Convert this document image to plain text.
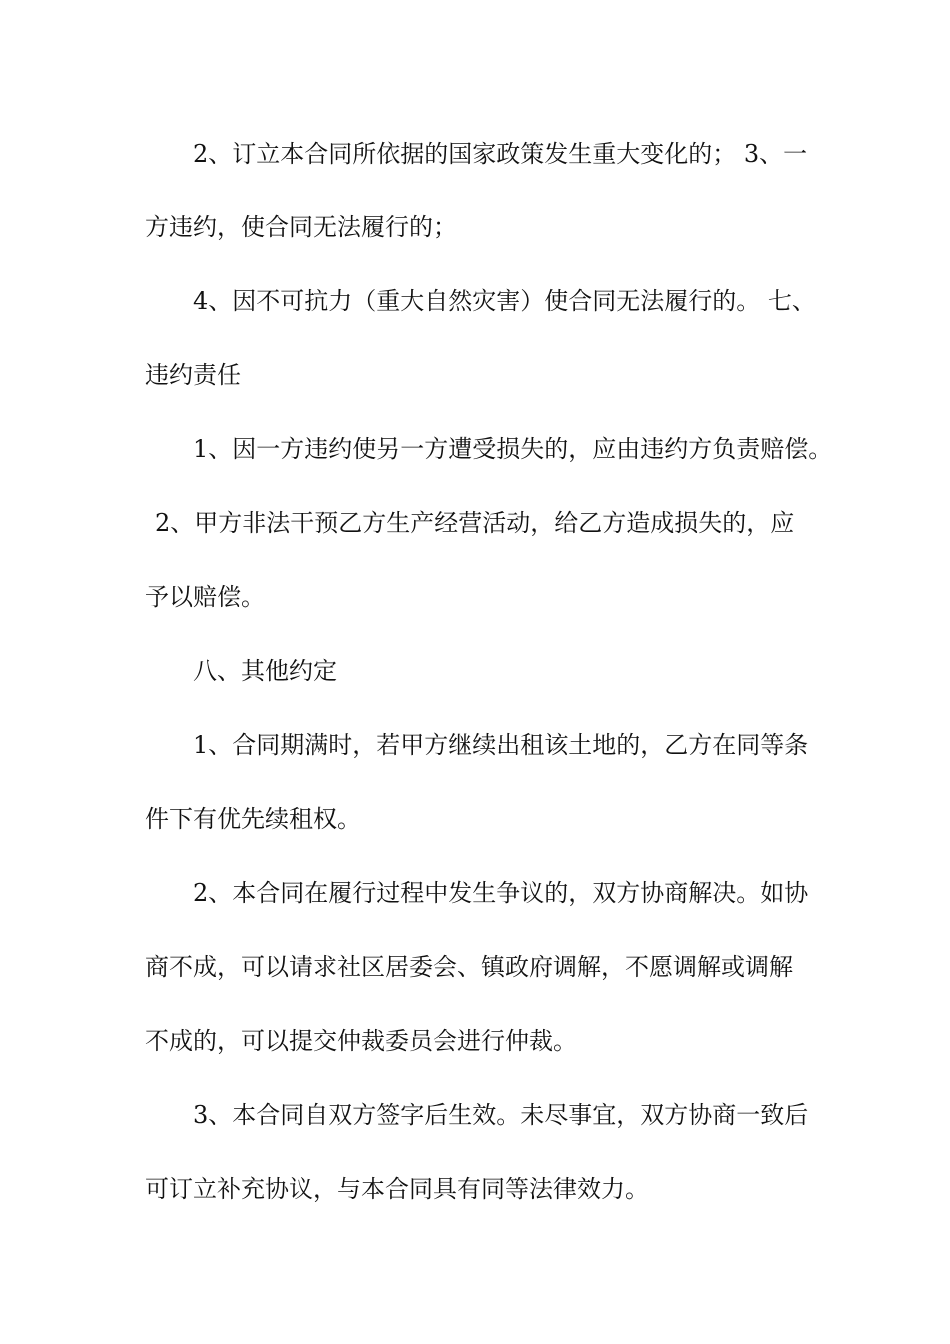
2、订立本合同所依据的国家政策发生重大变化的； 3、一
方违约，使合同无法履行的；
4、因不可抗力（重大自然灾害）使合同无法履行的。 七、
违约责任
1、因一方违约使另一方遭受损失的，应由违约方负责赔偿。
2、甲方非法干预乙方生产经营活动，给乙方造成损失的，应
予以赔偿。
八、其他约定
1、合同期满时，若甲方继续出租该土地的，乙方在同等条
件下有优先续租权。
2、本合同在履行过程中发生争议的，双方协商解决。如协
商不成，可以请求社区居委会、镇政府调解，不愿调解或调解
不成的，可以提交仲裁委员会进行仲裁。
3、本合同自双方签字后生效。未尽事宜，双方协商一致后
可订立补充协议，与本合同具有同等法律效力。
